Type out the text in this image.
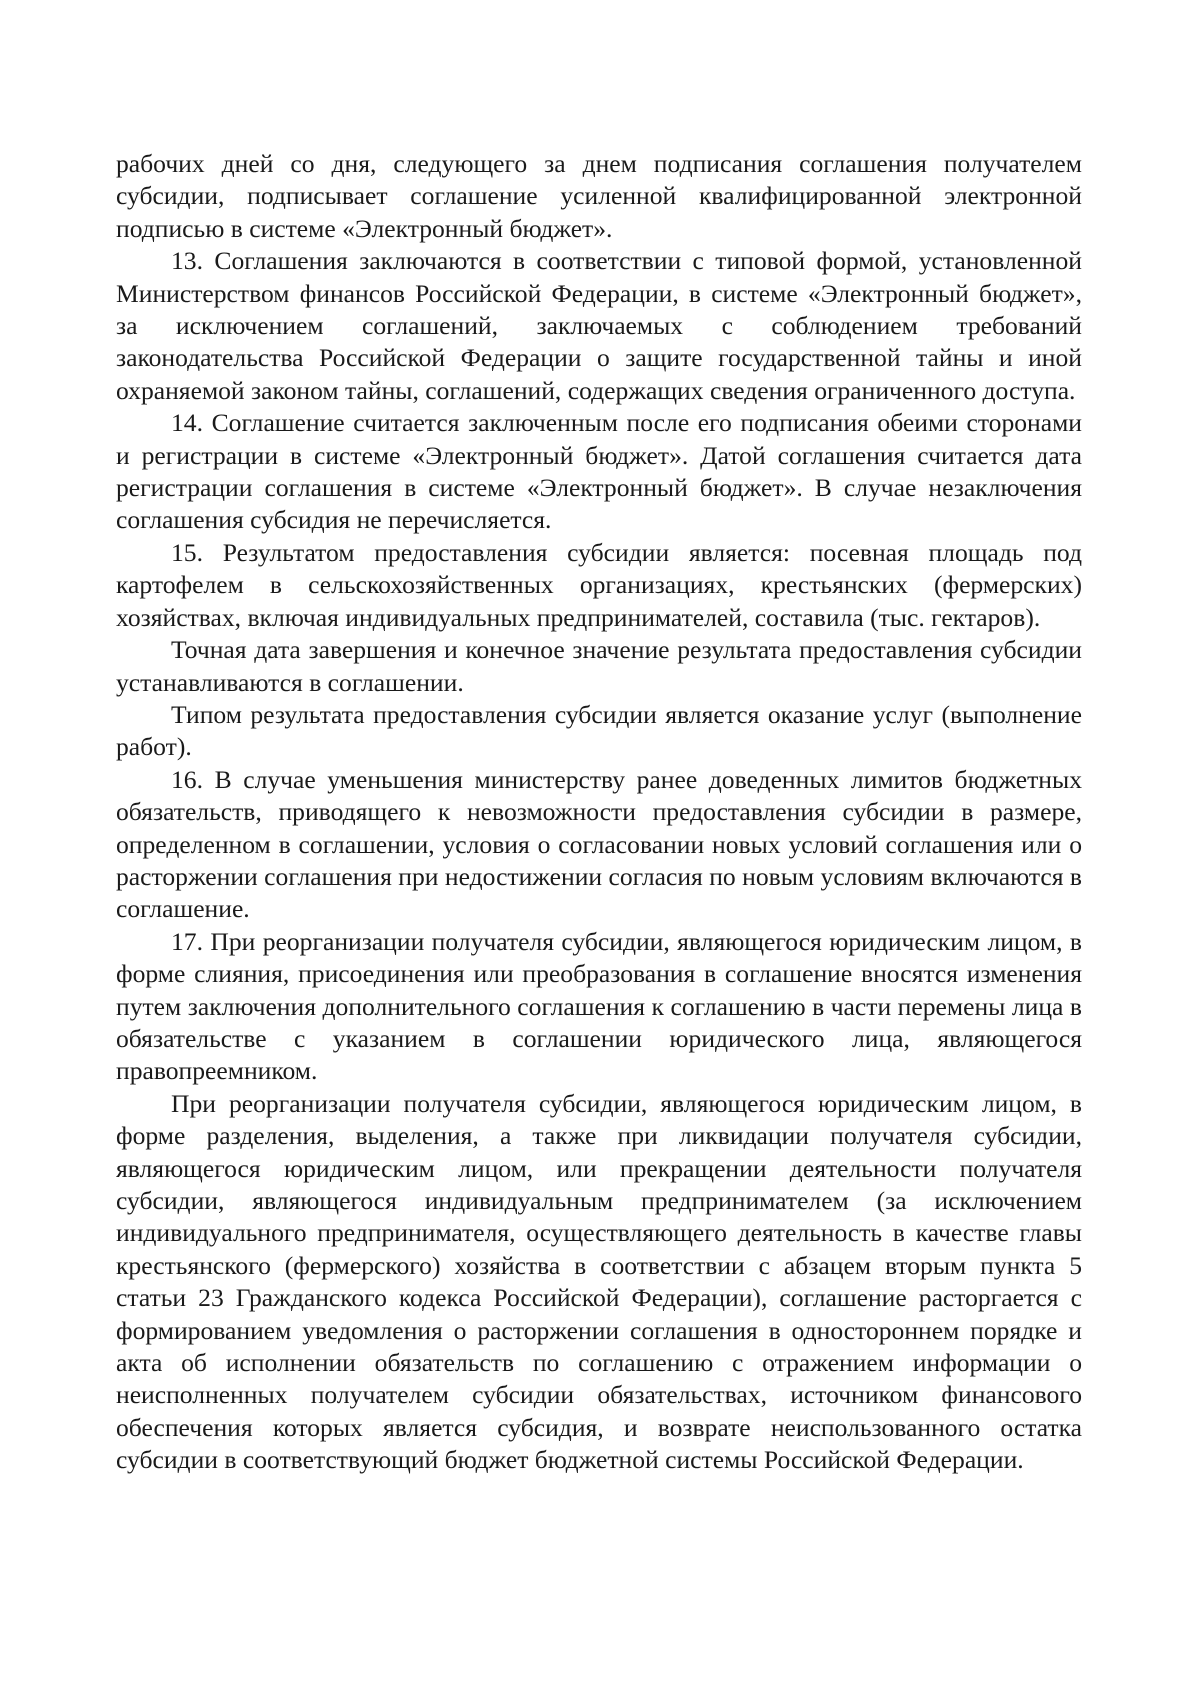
рабочих дней со дня, следующего за днем подписания соглашения получателем субсидии, подписывает соглашение усиленной квалифицированной электронной подписью в системе «Электронный бюджет».

13. Соглашения заключаются в соответствии с типовой формой, установленной Министерством финансов Российской Федерации, в системе «Электронный бюджет», за исключением соглашений, заключаемых с соблюдением требований законодательства Российской Федерации о защите государственной тайны и иной охраняемой законом тайны, соглашений, содержащих сведения ограниченного доступа.

14. Соглашение считается заключенным после его подписания обеими сторонами и регистрации в системе «Электронный бюджет». Датой соглашения считается дата регистрации соглашения в системе «Электронный бюджет». В случае незаключения соглашения субсидия не перечисляется.

15. Результатом предоставления субсидии является: посевная площадь под картофелем в сельскохозяйственных организациях, крестьянских (фермерских) хозяйствах, включая индивидуальных предпринимателей, составила (тыс. гектаров).

Точная дата завершения и конечное значение результата предоставления субсидии устанавливаются в соглашении.

Типом результата предоставления субсидии является оказание услуг (выполнение работ).

16. В случае уменьшения министерству ранее доведенных лимитов бюджетных обязательств, приводящего к невозможности предоставления субсидии в размере, определенном в соглашении, условия о согласовании новых условий соглашения или о расторжении соглашения при недостижении согласия по новым условиям включаются в соглашение.

17. При реорганизации получателя субсидии, являющегося юридическим лицом, в форме слияния, присоединения или преобразования в соглашение вносятся изменения путем заключения дополнительного соглашения к соглашению в части перемены лица в обязательстве с указанием в соглашении юридического лица, являющегося правопреемником.

При реорганизации получателя субсидии, являющегося юридическим лицом, в форме разделения, выделения, а также при ликвидации получателя субсидии, являющегося юридическим лицом, или прекращении деятельности получателя субсидии, являющегося индивидуальным предпринимателем (за исключением индивидуального предпринимателя, осуществляющего деятельность в качестве главы крестьянского (фермерского) хозяйства в соответствии с абзацем вторым пункта 5 статьи 23 Гражданского кодекса Российской Федерации), соглашение расторгается с формированием уведомления о расторжении соглашения в одностороннем порядке и акта об исполнении обязательств по соглашению с отражением информации о неисполненных получателем субсидии обязательствах, источником финансового обеспечения которых является субсидия, и возврате неиспользованного остатка субсидии в соответствующий бюджет бюджетной системы Российской Федерации.
